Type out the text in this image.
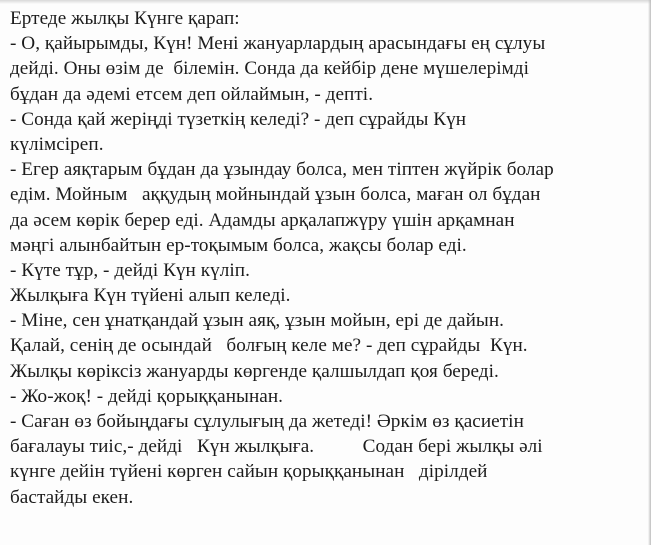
Ертеде жылқы Күнге қарап:
- О, қайырымды, Күн! Мені жануарлардың арасындағы ең сұлуы
дейді. Оны өзім де  білемін. Сонда да кейбір дене мүшелерімді
бұдан да әдемі етсем деп ойлаймын, - депті.
- Сонда қай жеріңді түзеткің келеді? - деп сұрайды Күн
күлімсіреп.
- Егер аяқтарым бұдан да ұзындау болса, мен тіптен жүйрік болар
едім. Мойным   аққудың мойнындай ұзын болса, маған ол бұдан
да әсем көрік берер еді. Адамды арқалапжүру үшін арқамнан
мәңгі алынбайтын ер-тоқымым болса, жақсы болар еді.
- Күте тұр, - дейді Күн күліп.
Жылқыға Күн түйені алып келеді.
- Міне, сен ұнатқандай ұзын аяқ, ұзын мойын, ері де дайын.
Қалай, сенің де осындай   болғың келе ме? - деп сұрайды  Күн.
Жылқы көріксіз жануарды көргенде қалшылдап қоя береді.
- Жо-жоқ! - дейді қорыққанынан.
- Саған өз бойыңдағы сұлулығың да жетеді! Әркім өз қасиетін
бағалауы тиіс,- дейді   Күн жылқыға.          Содан бері жылқы әлі
күнге дейін түйені көрген сайын қорыққанынан   дірілдей
бастайды екен.
